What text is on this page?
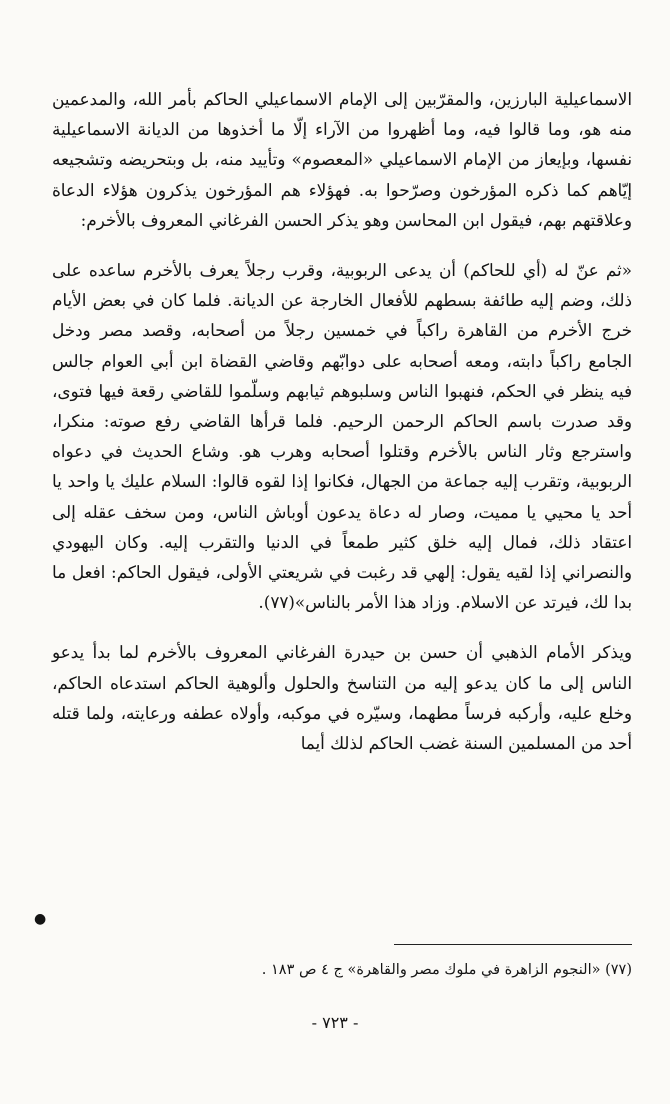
الاسماعيلية البارزين، والمقرّبين إلى الإمام الاسماعيلي الحاكم بأمر الله، والمدعمين منه هو، وما قالوا فيه، وما أظهروا من الآراء إلّا ما أخذوها من الديانة الاسماعيلية نفسها، وبإيعاز من الإمام الاسماعيلي «المعصوم» وتأييد منه، بل وبتحريضه وتشجيعه إيّاهم كما ذكره المؤرخون وصرّحوا به. فهؤلاء هم المؤرخون يذكرون هؤلاء الدعاة وعلاقتهم بهم، فيقول ابن المحاسن وهو يذكر الحسن الفرغاني المعروف بالأخرم:

«ثم عنّ له (أي للحاكم) أن يدعى الربوبية، وقرب رجلاً يعرف بالأخرم ساعده على ذلك، وضم إليه طائفة بسطهم للأفعال الخارجة عن الديانة. فلما كان في بعض الأيام خرج الأخرم من القاهرة راكباً في خمسين رجلاً من أصحابه، وقصد مصر ودخل الجامع راكباً دابته، ومعه أصحابه على دوابّهم وقاضي القضاة ابن أبي العوام جالس فيه ينظر في الحكم، فنهبوا الناس وسلبوهم ثيابهم وسلّموا للقاضي رقعة فيها فتوى، وقد صدرت باسم الحاكم الرحمن الرحيم. فلما قرأها القاضي رفع صوته: منكرا، واسترجع وثار الناس بالأخرم وقتلوا أصحابه وهرب هو. وشاع الحديث في دعواه الربوبية، وتقرب إليه جماعة من الجهال، فكانوا إذا لقوه قالوا: السلام عليك يا واحد يا أحد يا محيي يا مميت، وصار له دعاة يدعون أوباش الناس، ومن سخف عقله إلى اعتقاد ذلك، فمال إليه خلق كثير طمعاً في الدنيا والتقرب إليه. وكان اليهودي والنصراني إذا لقيه يقول: إلهي قد رغبت في شريعتي الأولى، فيقول الحاكم: افعل ما بدا لك، فيرتد عن الاسلام. وزاد هذا الأمر بالناس»(٧٧).

ويذكر الأمام الذهبي أن حسن بن حيدرة الفرغاني المعروف بالأخرم لما بدأ يدعو الناس إلى ما كان يدعو إليه من التناسخ والحلول وألوهية الحاكم استدعاه الحاكم، وخلع عليه، وأركبه فرساً مطهما، وسيّره في موكبه، وأولاه عطفه ورعايته، ولما قتله أحد من المسلمين السنة غضب الحاكم لذلك أيما

●
(٧٧) «النجوم الزاهرة في ملوك مصر والقاهرة» ج ٤ ص ١٨٣ .
- ٧٢٣ -
